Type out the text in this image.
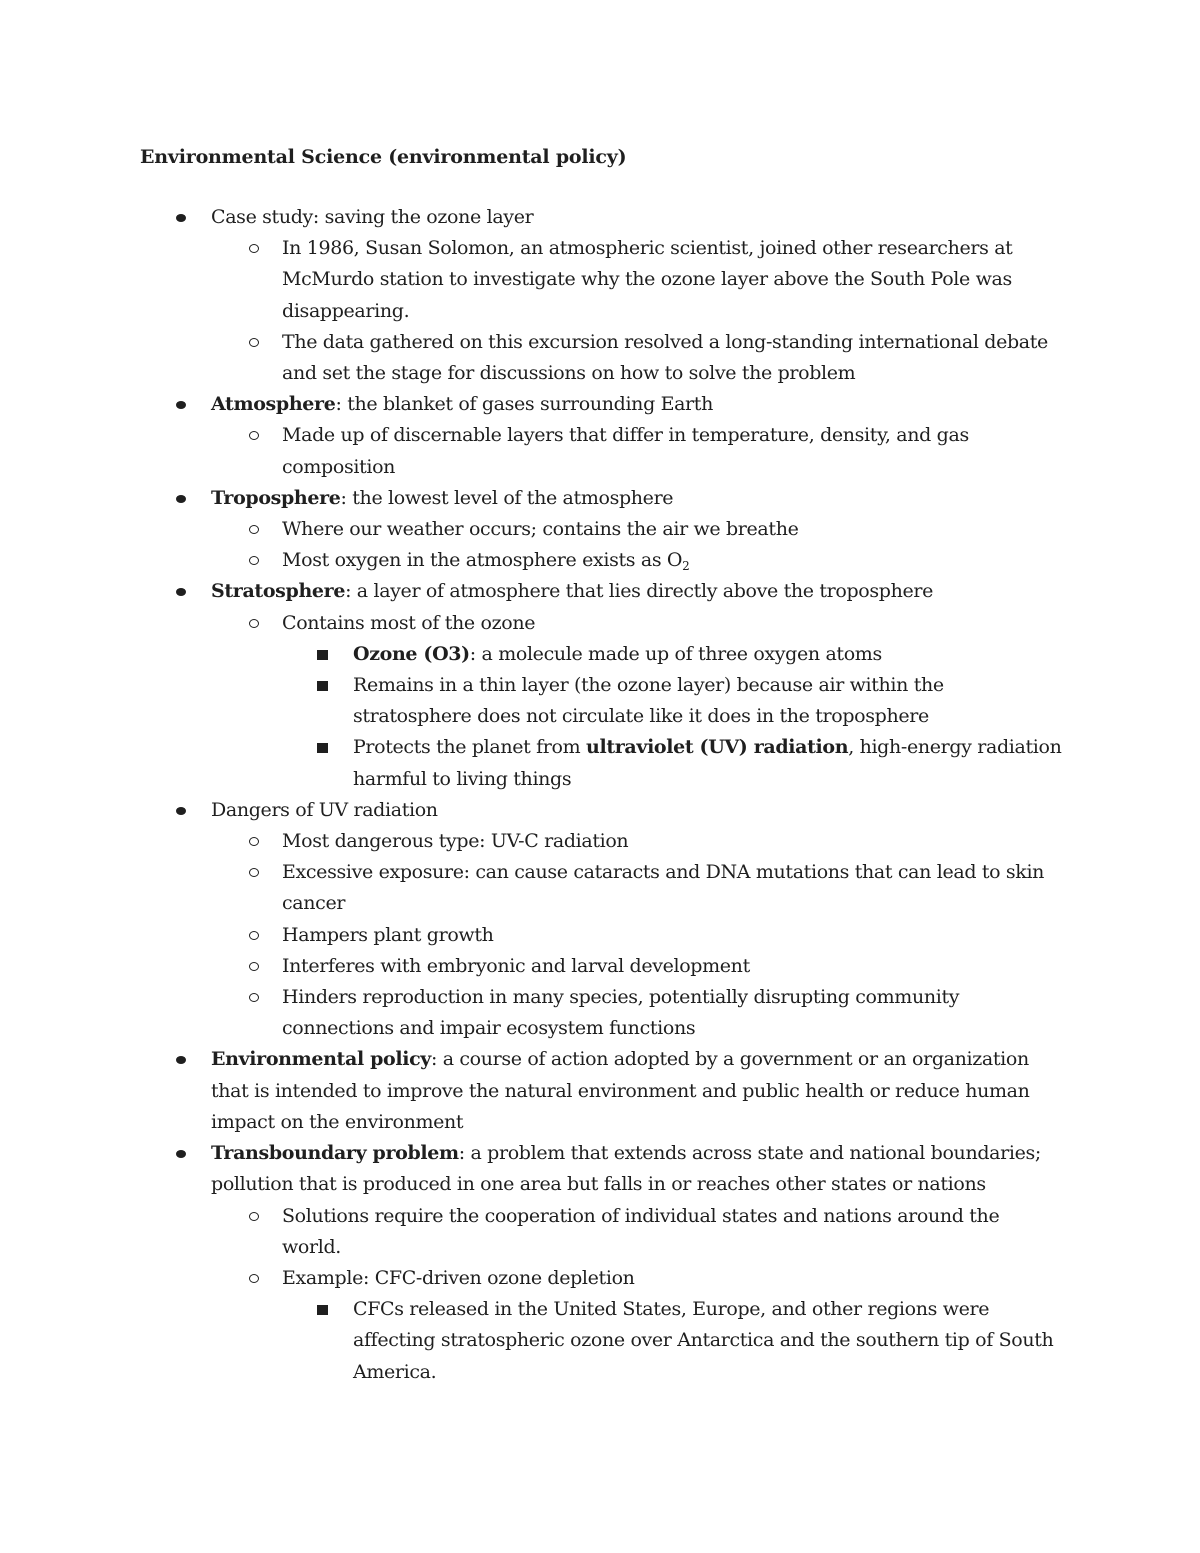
Environmental Science (environmental policy)
Case study: saving the ozone layer
In 1986, Susan Solomon, an atmospheric scientist, joined other researchers at McMurdo station to investigate why the ozone layer above the South Pole was disappearing.
The data gathered on this excursion resolved a long-standing international debate and set the stage for discussions on how to solve the problem
Atmosphere: the blanket of gases surrounding Earth
Made up of discernable layers that differ in temperature, density, and gas composition
Troposphere: the lowest level of the atmosphere
Where our weather occurs; contains the air we breathe
Most oxygen in the atmosphere exists as $O_2$
Stratosphere: a layer of atmosphere that lies directly above the troposphere
Contains most of the ozone
Ozone (O3): a molecule made up of three oxygen atoms
Remains in a thin layer (the ozone layer) because air within the stratosphere does not circulate like it does in the troposphere
Protects the planet from ultraviolet (UV) radiation, high-energy radiation harmful to living things
Dangers of UV radiation
Most dangerous type: UV-C radiation
Excessive exposure: can cause cataracts and DNA mutations that can lead to skin cancer
Hampers plant growth
Interferes with embryonic and larval development
Hinders reproduction in many species, potentially disrupting community connections and impair ecosystem functions
Environmental policy: a course of action adopted by a government or an organization that is intended to improve the natural environment and public health or reduce human impact on the environment
Transboundary problem: a problem that extends across state and national boundaries; pollution that is produced in one area but falls in or reaches other states or nations
Solutions require the cooperation of individual states and nations around the world.
Example: CFC-driven ozone depletion
CFCs released in the United States, Europe, and other regions were affecting stratospheric ozone over Antarctica and the southern tip of South America.
